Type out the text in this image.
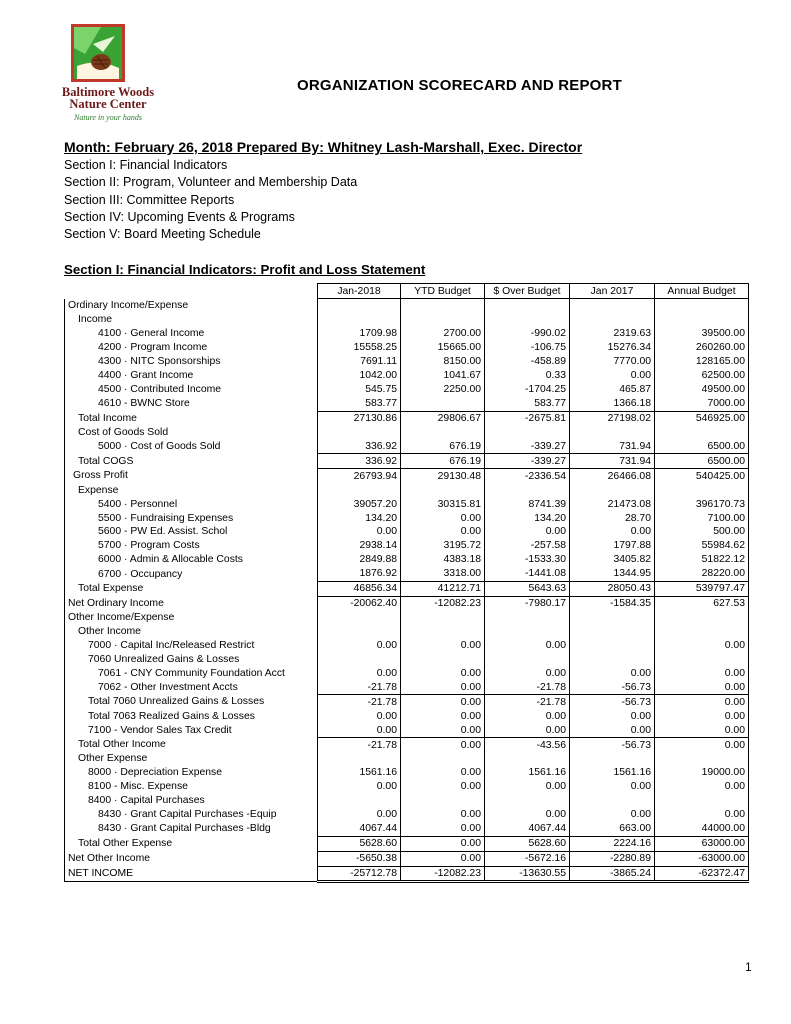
Baltimore Woods
Nature Center
Nature in your hands
ORGANIZATION SCORECARD AND REPORT
Month: February 26, 2018 Prepared By: Whitney Lash-Marshall, Exec. Director
Section I: Financial Indicators
Section II: Program, Volunteer and Membership Data
Section III: Committee Reports
Section IV: Upcoming Events & Programs
Section V: Board Meeting Schedule
Section I: Financial Indicators: Profit and Loss Statement
	Jan-2018	YTD Budget	$ Over Budget	Jan 2017	Annual Budget
Ordinary Income/Expense					
Income					
4100 · General Income	1709.98	2700.00	-990.02	2319.63	39500.00
4200 · Program Income	15558.25	15665.00	-106.75	15276.34	260260.00
4300 · NITC Sponsorships	7691.11	8150.00	-458.89	7770.00	128165.00
4400 · Grant Income	1042.00	1041.67	0.33	0.00	62500.00
4500 · Contributed Income	545.75	2250.00	-1704.25	465.87	49500.00
4610 - BWNC Store	583.77		583.77	1366.18	7000.00
Total Income	27130.86	29806.67	-2675.81	27198.02	546925.00
Cost of Goods Sold					
5000 · Cost of Goods Sold	336.92	676.19	-339.27	731.94	6500.00
Total COGS	336.92	676.19	-339.27	731.94	6500.00
Gross Profit	26793.94	29130.48	-2336.54	26466.08	540425.00
Expense					
5400 · Personnel	39057.20	30315.81	8741.39	21473.08	396170.73
5500 · Fundraising Expenses	134.20	0.00	134.20	28.70	7100.00
5600 - PW Ed. Assist. Schol	0.00	0.00	0.00	0.00	500.00
5700 · Program Costs	2938.14	3195.72	-257.58	1797.88	55984.62
6000 · Admin & Allocable Costs	2849.88	4383.18	-1533.30	3405.82	51822.12
6700 · Occupancy	1876.92	3318.00	-1441.08	1344.95	28220.00
Total Expense	46856.34	41212.71	5643.63	28050.43	539797.47
Net Ordinary Income	-20062.40	-12082.23	-7980.17	-1584.35	627.53
Other Income/Expense					
Other Income					
7000 · Capital Inc/Released Restrict	0.00	0.00	0.00		0.00
7060 Unrealized Gains & Losses					
7061 - CNY Community Foundation Acct	0.00	0.00	0.00	0.00	0.00
7062 - Other Investment Accts	-21.78	0.00	-21.78	-56.73	0.00
Total 7060 Unrealized Gains & Losses	-21.78	0.00	-21.78	-56.73	0.00
Total 7063 Realized Gains & Losses	0.00	0.00	0.00	0.00	0.00
7100 - Vendor Sales Tax Credit	0.00	0.00	0.00	0.00	0.00
Total Other Income	-21.78	0.00	-43.56	-56.73	0.00
Other Expense					
8000 · Depreciation Expense	1561.16	0.00	1561.16	1561.16	19000.00
8100 - Misc. Expense	0.00	0.00	0.00	0.00	0.00
8400 · Capital Purchases					
8430 · Grant Capital Purchases -Equip	0.00	0.00	0.00	0.00	0.00
8430 · Grant Capital Purchases -Bldg	4067.44	0.00	4067.44	663.00	44000.00
Total Other Expense	5628.60	0.00	5628.60	2224.16	63000.00
Net Other Income	-5650.38	0.00	-5672.16	-2280.89	-63000.00
NET INCOME	-25712.78	-12082.23	-13630.55	-3865.24	-62372.47
1
